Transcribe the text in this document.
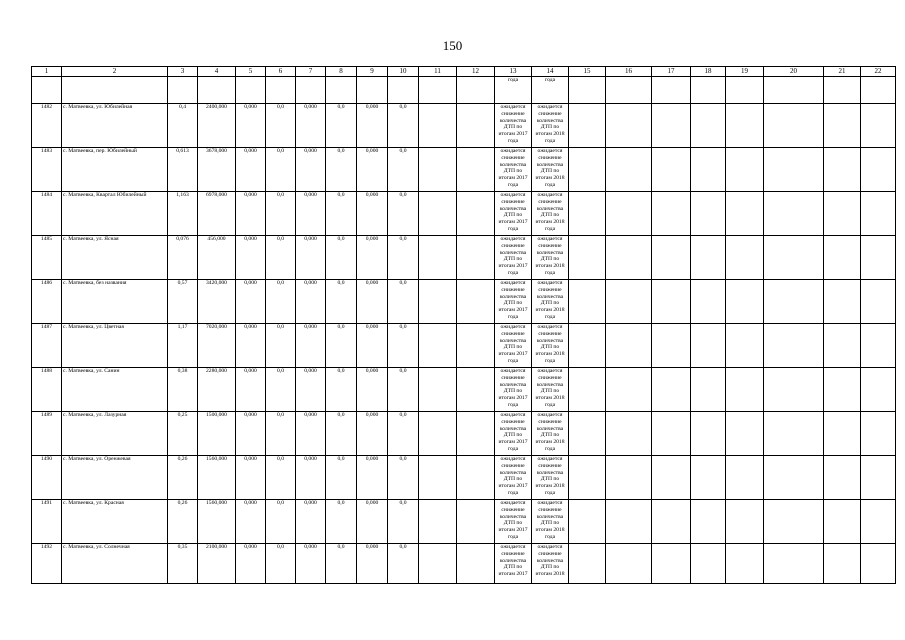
150
1	2	3	4	5	6	7	8	9	10	11	12	13	14	15	16	17	18	19	20	21	22
												года	года								
1482	с. Матвеевка, ул. Юбилейная	0,4	2400,000	0,000	0,0	0,000	0,0	0,000	0,0			ожидается снижение количества ДТП по итогам 2017 года	ожидается снижение количества ДТП по итогам 2018 года								
1483	с. Матвеевка, пер. Юбилейный	0,613	3678,000	0,000	0,0	0,000	0,0	0,000	0,0			ожидается снижение количества ДТП по итогам 2017 года	ожидается снижение количества ДТП по итогам 2018 года								
1484	с. Матвеевка, Квартал Юбилейный	1,163	6978,000	0,000	0,0	0,000	0,0	0,000	0,0			ожидается снижение количества ДТП по итогам 2017 года	ожидается снижение количества ДТП по итогам 2018 года								
1485	с. Матвеевка, ул. Ясная	0,076	456,000	0,000	0,0	0,000	0,0	0,000	0,0			ожидается снижение количества ДТП по итогам 2017 года	ожидается снижение количества ДТП по итогам 2018 года								
1486	с. Матвеевка, без названия	0,57	3420,000	0,000	0,0	0,000	0,0	0,000	0,0			ожидается снижение количества ДТП по итогам 2017 года	ожидается снижение количества ДТП по итогам 2018 года								
1487	с. Матвеевка, ул. Цветная	1,17	7020,000	0,000	0,0	0,000	0,0	0,000	0,0			ожидается снижение количества ДТП по итогам 2017 года	ожидается снижение количества ДТП по итогам 2018 года								
1488	с. Матвеевка, ул. Санин	0,38	2280,000	0,000	0,0	0,000	0,0	0,000	0,0			ожидается снижение количества ДТП по итогам 2017 года	ожидается снижение количества ДТП по итогам 2018 года								
1489	с. Матвеевка, ул. Лазурная	0,25	1500,000	0,000	0,0	0,000	0,0	0,000	0,0			ожидается снижение количества ДТП по итогам 2017 года	ожидается снижение количества ДТП по итогам 2018 года								
1490	с. Матвеевка, ул. Оренжевая	0,26	1560,000	0,000	0,0	0,000	0,0	0,000	0,0			ожидается снижение количества ДТП по итогам 2017 года	ожидается снижение количества ДТП по итогам 2018 года								
1491	с. Матвеевка, ул. Красная	0,26	1560,000	0,000	0,0	0,000	0,0	0,000	0,0			ожидается снижение количества ДТП по итогам 2017 года	ожидается снижение количества ДТП по итогам 2018 года								
1492	с. Матвеевка, ул. Солнечная	0,35	2100,000	0,000	0,0	0,000	0,0	0,000	0,0			ожидается снижение количества ДТП по итогам 2017	ожидается снижение количества ДТП по итогам 2018								
